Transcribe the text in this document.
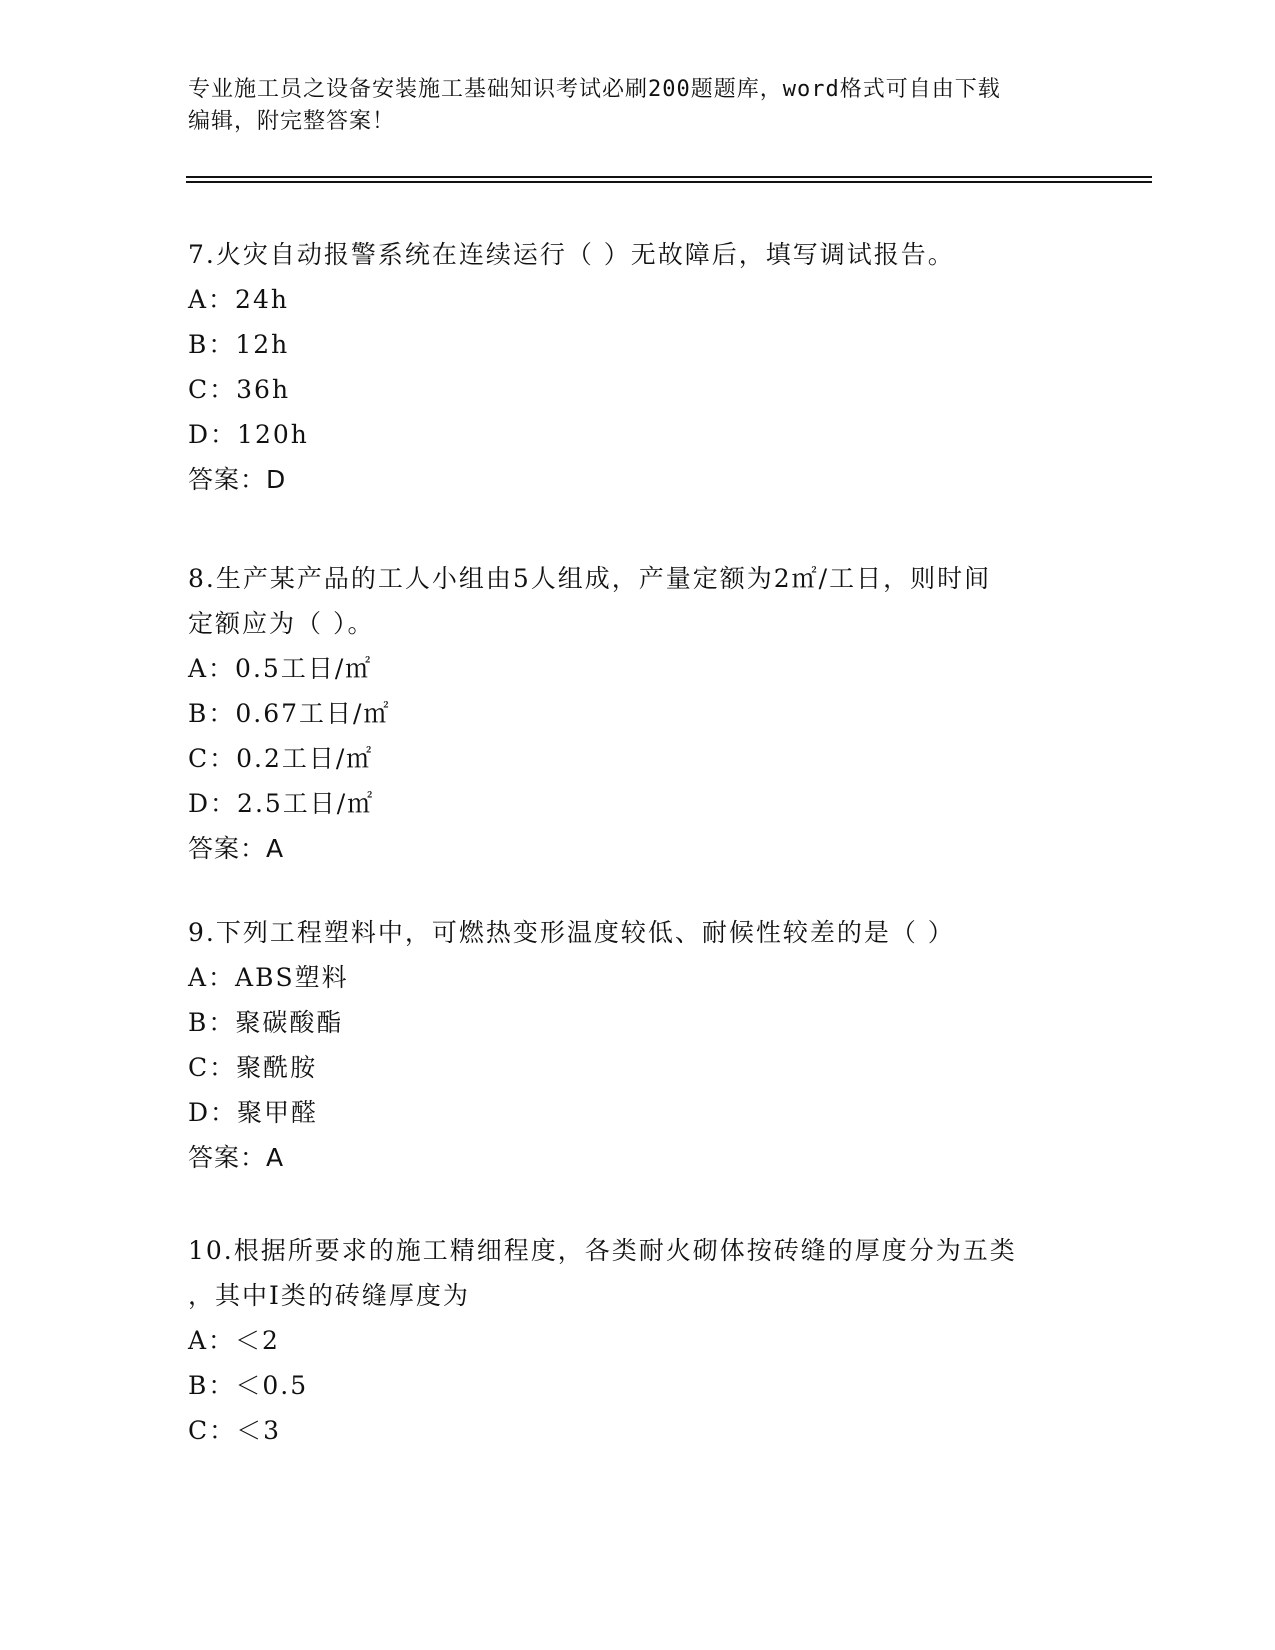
专业施工员之设备安装施工基础知识考试必刷200题题库，word格式可自由下载
编辑，附完整答案！
7.火灾自动报警系统在连续运行（ ）无故障后，填写调试报告。
A：24h
B：12h
C：36h
D：120h
答案：D
8.生产某产品的工人小组由5人组成，产量定额为2㎡/工日，则时间
定额应为（ ）。
A：0.5工日/㎡
B：0.67工日/㎡
C：0.2工日/㎡
D：2.5工日/㎡
答案：A
9.下列工程塑料中，可燃热变形温度较低、耐候性较差的是（ ）
A：ABS塑料
B：聚碳酸酯
C：聚酰胺
D：聚甲醛
答案：A
10.根据所要求的施工精细程度，各类耐火砌体按砖缝的厚度分为五类
，其中Ⅰ类的砖缝厚度为
A：＜2
B：＜0.5
C：＜3
